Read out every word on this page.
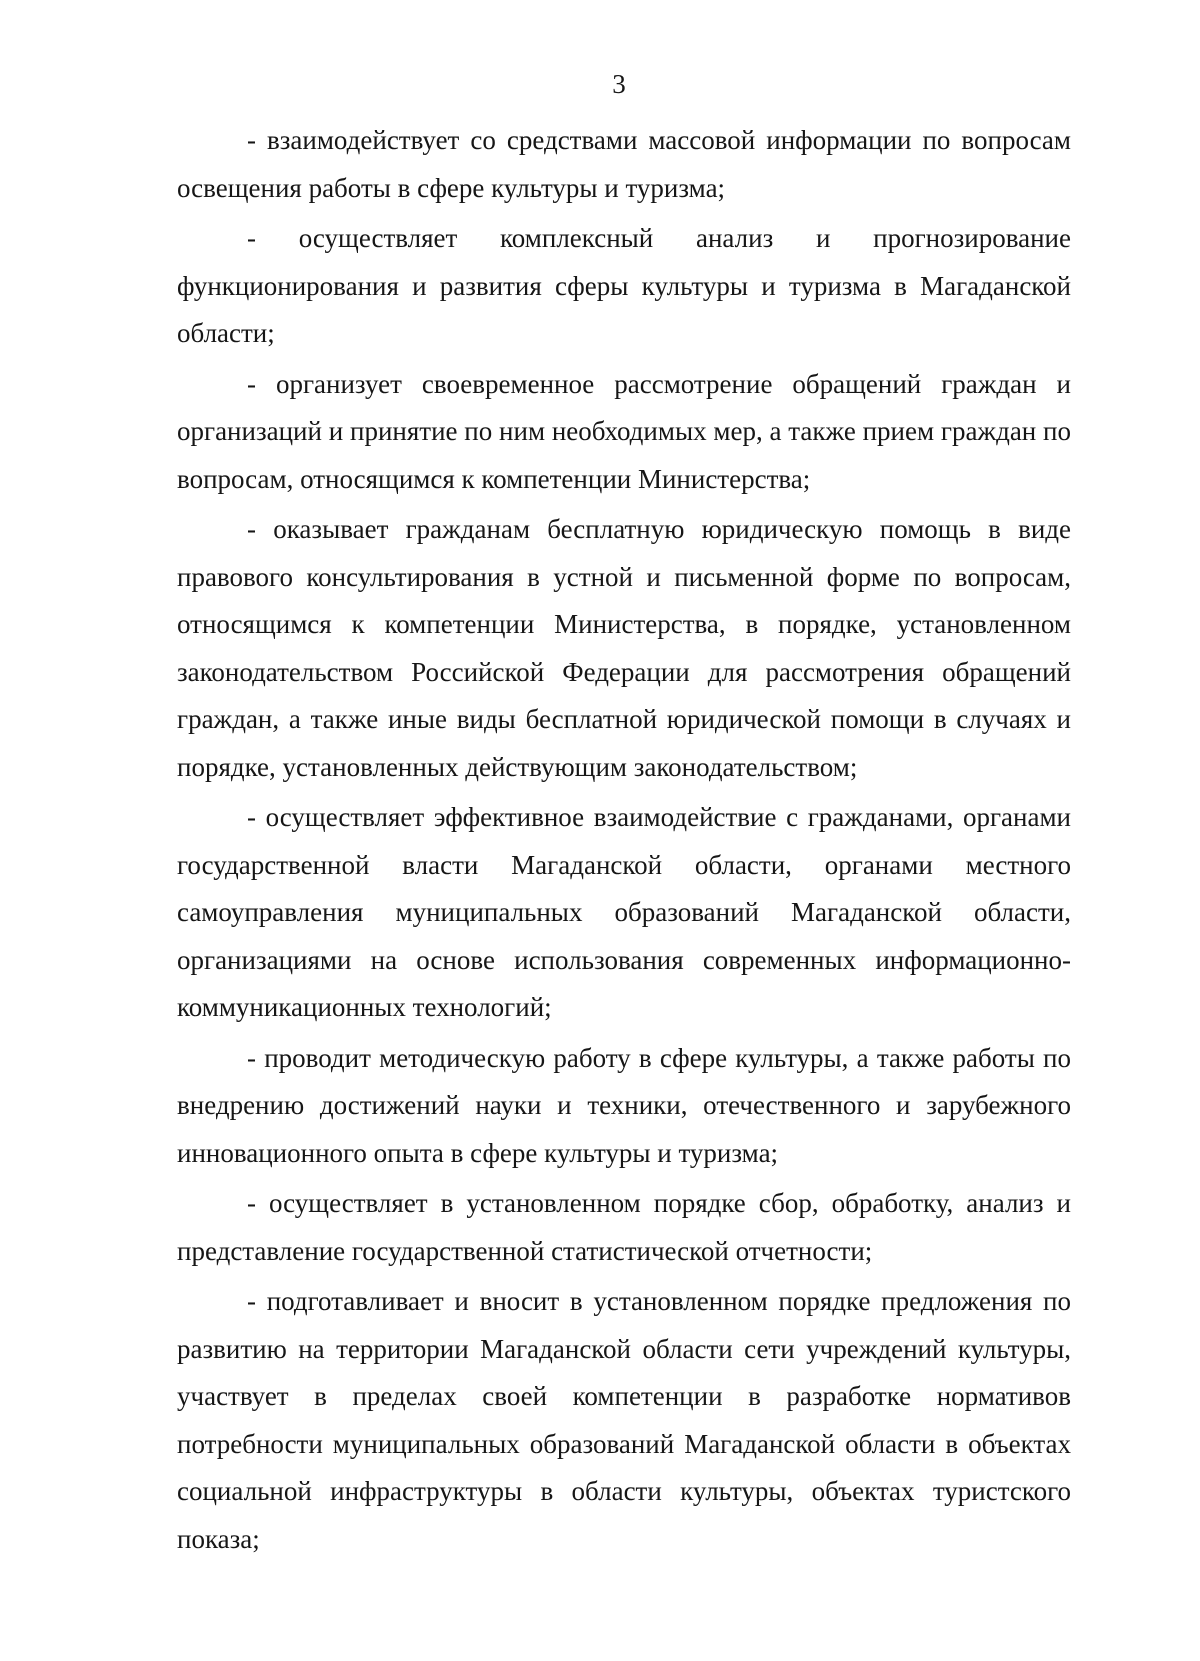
3

- взаимодействует со средствами массовой информации по вопросам освещения работы в сфере культуры и туризма;

- осуществляет комплексный анализ и прогнозирование функционирования и развития сферы культуры и туризма в Магаданской области;

- организует своевременное рассмотрение обращений граждан и организаций и принятие по ним необходимых мер, а также прием граждан по вопросам, относящимся к компетенции Министерства;

- оказывает гражданам бесплатную юридическую помощь в виде правового консультирования в устной и письменной форме по вопросам, относящимся к компетенции Министерства, в порядке, установленном законодательством Российской Федерации для рассмотрения обращений граждан, а также иные виды бесплатной юридической помощи в случаях и порядке, установленных действующим законодательством;

- осуществляет эффективное взаимодействие с гражданами, органами государственной власти Магаданской области, органами местного самоуправления муниципальных образований Магаданской области, организациями на основе использования современных информационно-коммуникационных технологий;

- проводит методическую работу в сфере культуры, а также работы по внедрению достижений науки и техники, отечественного и зарубежного инновационного опыта в сфере культуры и туризма;

- осуществляет в установленном порядке сбор, обработку, анализ и представление государственной статистической отчетности;

- подготавливает и вносит в установленном порядке предложения по развитию на территории Магаданской области сети учреждений культуры, участвует в пределах своей компетенции в разработке нормативов потребности муниципальных образований Магаданской области в объектах социальной инфраструктуры в области культуры, объектах туристского показа;
